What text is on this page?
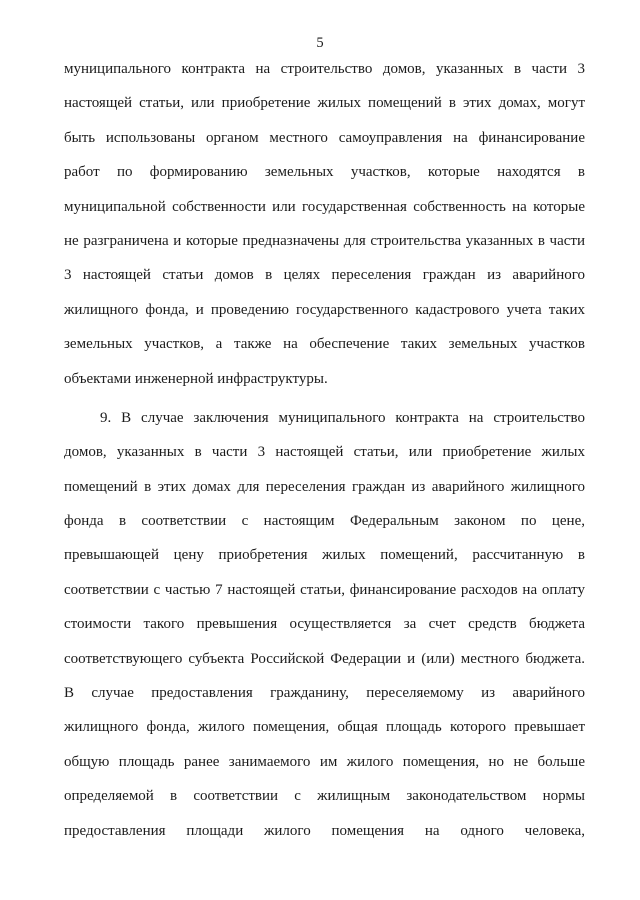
5
муниципального контракта на строительство домов, указанных в части 3
настоящей статьи, или приобретение жилых помещений в этих домах, могут
быть использованы органом местного самоуправления на финансирование
работ по формированию земельных участков, которые находятся в
муниципальной собственности или государственная собственность на которые
не разграничена и которые предназначены для строительства указанных в части
3 настоящей статьи домов в целях переселения граждан из аварийного
жилищного фонда, и проведению государственного кадастрового учета таких
земельных участков, а также на обеспечение таких земельных участков
объектами инженерной инфраструктуры.
9. В случае заключения муниципального контракта на строительство
домов, указанных в части 3 настоящей статьи, или приобретение жилых
помещений в этих домах для переселения граждан из аварийного жилищного
фонда в соответствии с настоящим Федеральным законом по цене,
превышающей цену приобретения жилых помещений, рассчитанную в
соответствии с частью 7 настоящей статьи, финансирование расходов на оплату
стоимости такого превышения осуществляется за счет средств бюджета
соответствующего субъекта Российской Федерации и (или) местного бюджета.
В случае предоставления гражданину, переселяемому из аварийного
жилищного фонда, жилого помещения, общая площадь которого превышает
общую площадь ранее занимаемого им жилого помещения, но не больше
определяемой в соответствии с жилищным законодательством нормы
предоставления площади жилого помещения на одного человека,
